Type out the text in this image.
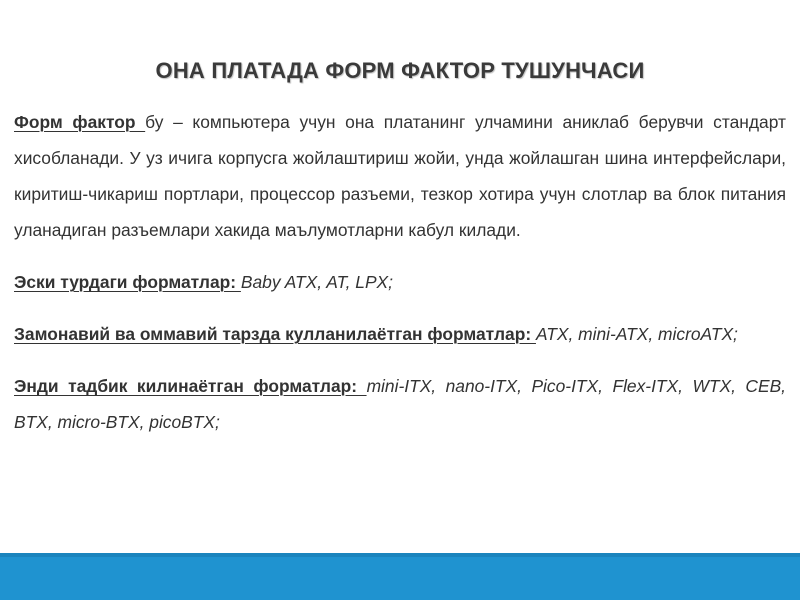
ОНА ПЛАТАДА ФОРМ ФАКТОР ТУШУНЧАСИ

Форм фактор бу – компьютера учун она платанинг улчамини аниклаб берувчи стандарт хисобланади. У уз ичига корпусга жойлаштириш жойи, унда жойлашган шина интерфейслари, киритиш-чикариш портлари, процессор разъеми, тезкор хотира учун слотлар ва блок питания уланадиган разъемлари хакида маълумотларни кабул килади.

Эски турдаги форматлар: Baby ATX, AT, LPX;

Замонавий ва оммавий тарзда кулланилаётган форматлар: ATX, mini-ATX, microATX;

Энди тадбик килинаётган форматлар: mini-ITX, nano-ITX, Pico-ITX, Flex-ITX, WTX, CEB, BTX, micro-BTX, picoBTX;
